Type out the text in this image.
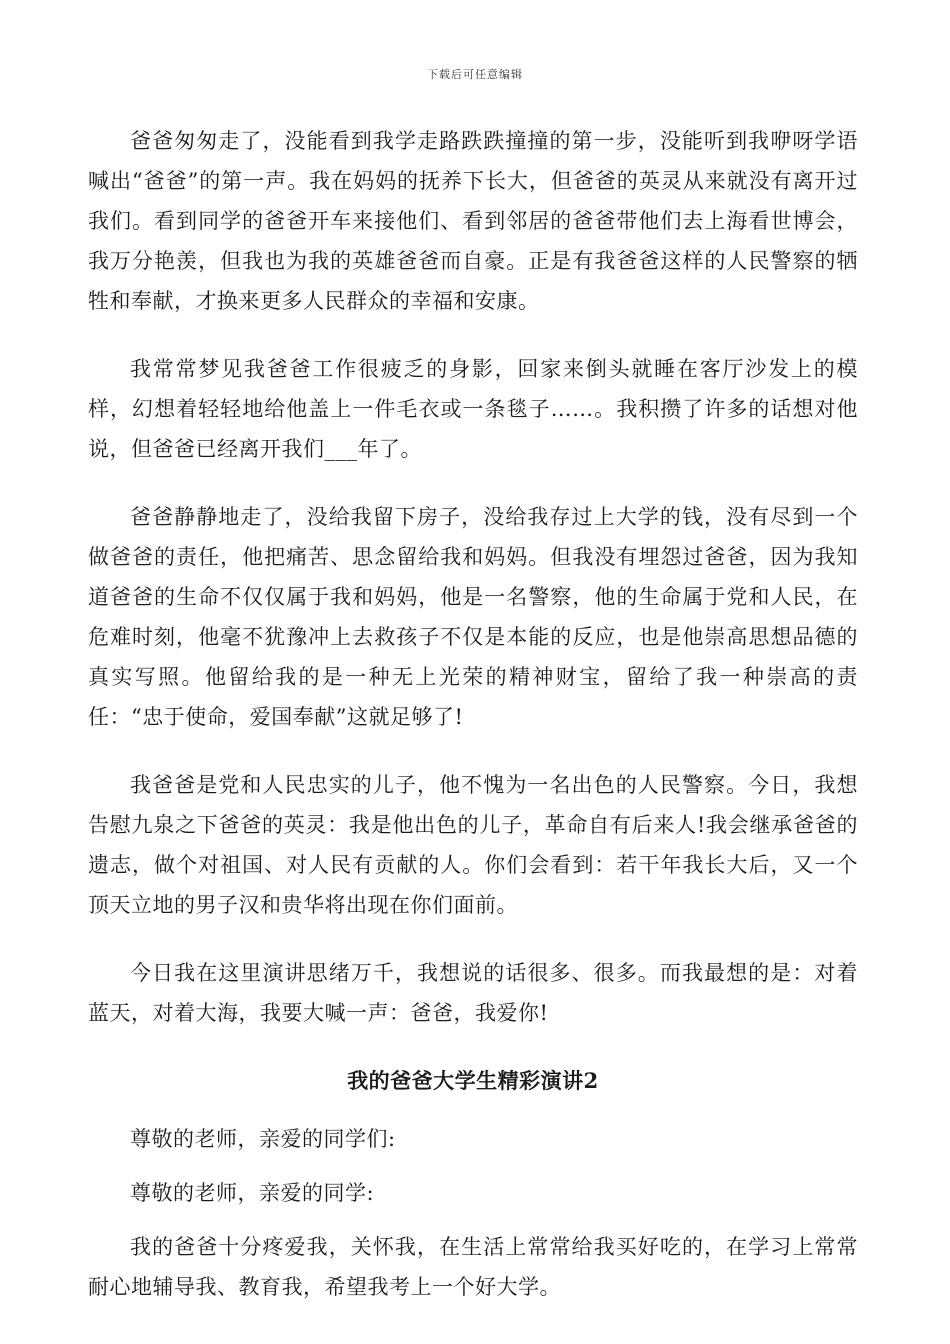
下载后可任意编辑

爸爸匆匆走了，没能看到我学走路跌跌撞撞的第一步，没能听到我咿呀学语喊出“爸爸”的第一声。我在妈妈的抚养下长大，但爸爸的英灵从来就没有离开过我们。看到同学的爸爸开车来接他们、看到邻居的爸爸带他们去上海看世博会，我万分艳羡，但我也为我的英雄爸爸而自豪。正是有我爸爸这样的人民警察的牺牲和奉献，才换来更多人民群众的幸福和安康。

我常常梦见我爸爸工作很疲乏的身影，回家来倒头就睡在客厅沙发上的模样，幻想着轻轻地给他盖上一件毛衣或一条毯子……。我积攒了许多的话想对他说，但爸爸已经离开我们___年了。

爸爸静静地走了，没给我留下房子，没给我存过上大学的钱，没有尽到一个做爸爸的责任，他把痛苦、思念留给我和妈妈。但我没有埋怨过爸爸，因为我知道爸爸的生命不仅仅属于我和妈妈，他是一名警察，他的生命属于党和人民，在危难时刻，他毫不犹豫冲上去救孩子不仅是本能的反应，也是他崇高思想品德的真实写照。他留给我的是一种无上光荣的精神财宝，留给了我一种崇高的责任：“忠于使命，爱国奉献”这就足够了!

我爸爸是党和人民忠实的儿子，他不愧为一名出色的人民警察。今日，我想告慰九泉之下爸爸的英灵：我是他出色的儿子，革命自有后来人!我会继承爸爸的遗志，做个对祖国、对人民有贡献的人。你们会看到：若干年我长大后，又一个顶天立地的男子汉和贵华将出现在你们面前。

今日我在这里演讲思绪万千，我想说的话很多、很多。而我最想的是：对着蓝天，对着大海，我要大喊一声：爸爸，我爱你!

我的爸爸大学生精彩演讲2

尊敬的老师，亲爱的同学们:

尊敬的老师，亲爱的同学:

我的爸爸十分疼爱我，关怀我，在生活上常常给我买好吃的，在学习上常常耐心地辅导我、教育我，希望我考上一个好大学。
